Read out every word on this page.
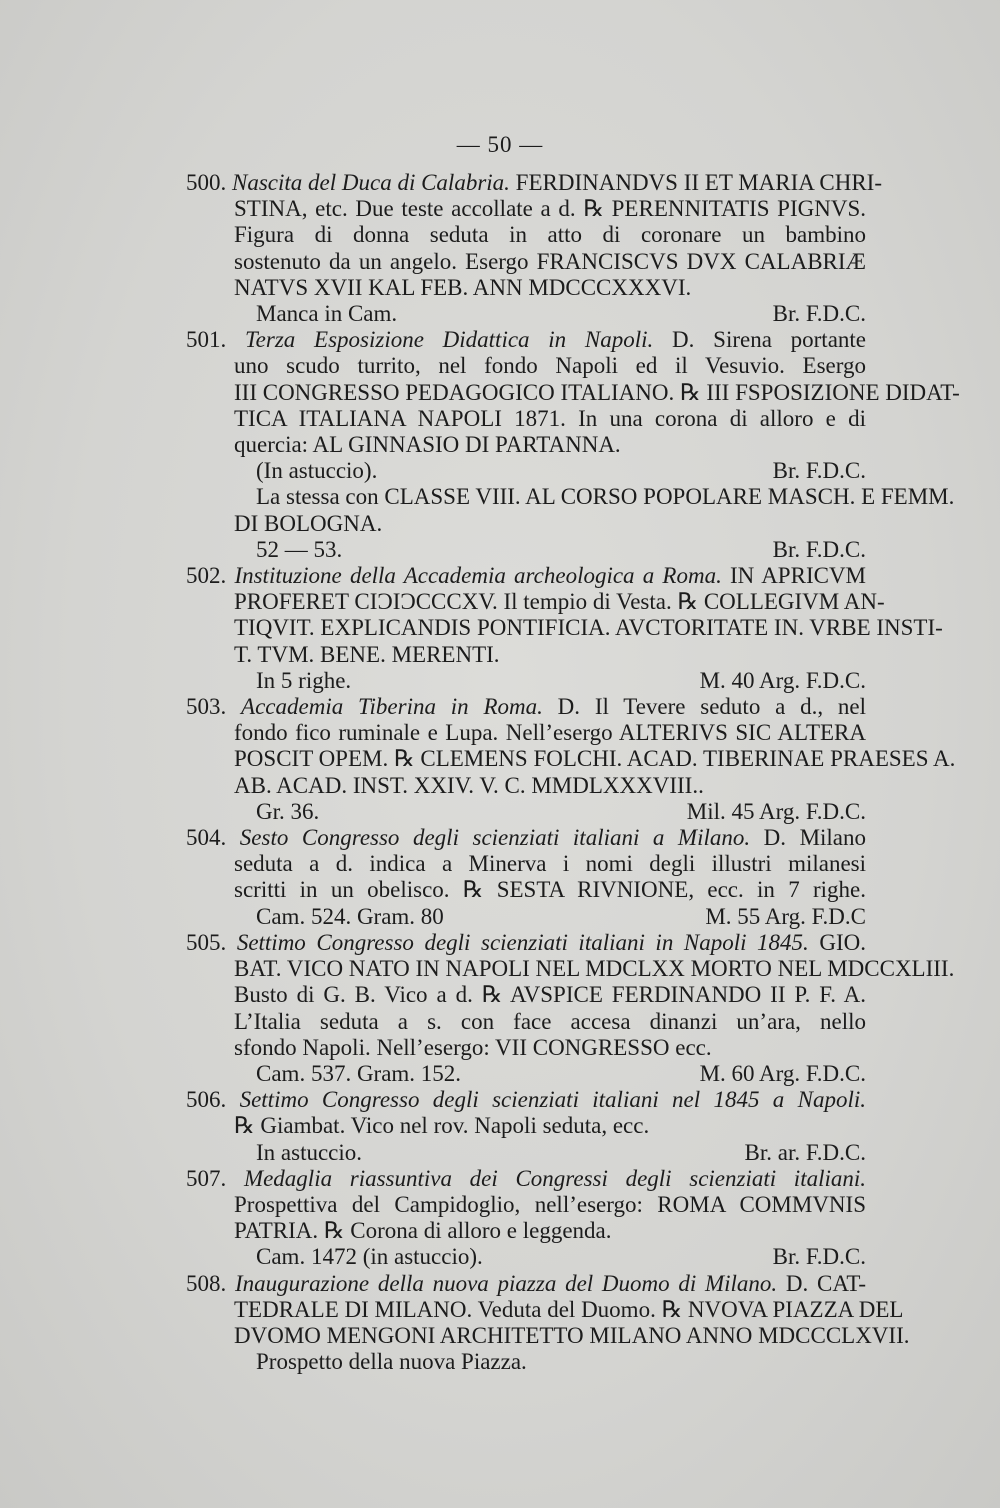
— 50 —
500. Nascita del Duca di Calabria. FERDINANDVS II ET MARIA CHRI-
STINA, etc. Due teste accollate a d. ℞ PERENNITATIS PIGNVS.
Figura di donna seduta in atto di coronare un bambino
sostenuto da un angelo. Esergo FRANCISCVS DVX CALABRIÆ
NATVS XVII KAL FEB. ANN MDCCCXXXVI.
Manca in Cam.	Br. F.D.C.
501. Terza Esposizione Didattica in Napoli. D. Sirena portante
uno scudo turrito, nel fondo Napoli ed il Vesuvio. Esergo
III CONGRESSO PEDAGOGICO ITALIANO. ℞ III FSPOSIZIONE DIDAT-
TICA ITALIANA NAPOLI 1871. In una corona di alloro e di
quercia: AL GINNASIO DI PARTANNA.
(In astuccio).	Br. F.D.C.
La stessa con CLASSE VIII. AL CORSO POPOLARE MASCH. E FEMM.
DI BOLOGNA.
52 — 53.	Br. F.D.C.
502. Instituzione della Accademia archeologica a Roma. IN APRICVM
PROFERET CIƆIƆCCCXV. Il tempio di Vesta. ℞ COLLEGIVM AN-
TIQVIT. EXPLICANDIS PONTIFICIA. AVCTORITATE IN. VRBE INSTI-
T. TVM. BENE. MERENTI.
In 5 righe.	M. 40 Arg. F.D.C.
503. Accademia Tiberina in Roma. D. Il Tevere seduto a d., nel
fondo fico ruminale e Lupa. Nell’esergo ALTERIVS SIC ALTERA
POSCIT OPEM. ℞ CLEMENS FOLCHI. ACAD. TIBERINAE PRAESES A.
AB. ACAD. INST. XXIV. V. C. MMDLXXXVIII..
Gr. 36.	Mil. 45 Arg. F.D.C.
504. Sesto Congresso degli scienziati italiani a Milano. D. Milano
seduta a d. indica a Minerva i nomi degli illustri milanesi
scritti in un obelisco. ℞ SESTA RIVNIONE, ecc. in 7 righe.
Cam. 524. Gram. 80	M. 55 Arg. F.D.C
505. Settimo Congresso degli scienziati italiani in Napoli 1845. GIO.
BAT. VICO NATO IN NAPOLI NEL MDCLXX MORTO NEL MDCCXLIII.
Busto di G. B. Vico a d. ℞ AVSPICE FERDINANDO II P. F. A.
L’Italia seduta a s. con face accesa dinanzi un’ara, nello
sfondo Napoli. Nell’esergo: VII CONGRESSO ecc.
Cam. 537. Gram. 152.	M. 60 Arg. F.D.C.
506. Settimo Congresso degli scienziati italiani nel 1845 a Napoli.
℞ Giambat. Vico nel rov. Napoli seduta, ecc.
In astuccio.	Br. ar. F.D.C.
507. Medaglia riassuntiva dei Congressi degli scienziati italiani.
Prospettiva del Campidoglio, nell’esergo: ROMA COMMVNIS
PATRIA. ℞ Corona di alloro e leggenda.
Cam. 1472 (in astuccio).	Br. F.D.C.
508. Inaugurazione della nuova piazza del Duomo di Milano. D. CAT-
TEDRALE DI MILANO. Veduta del Duomo. ℞ NVOVA PIAZZA DEL
DVOMO MENGONI ARCHITETTO MILANO ANNO MDCCCLXVII.
Prospetto della nuova Piazza.
